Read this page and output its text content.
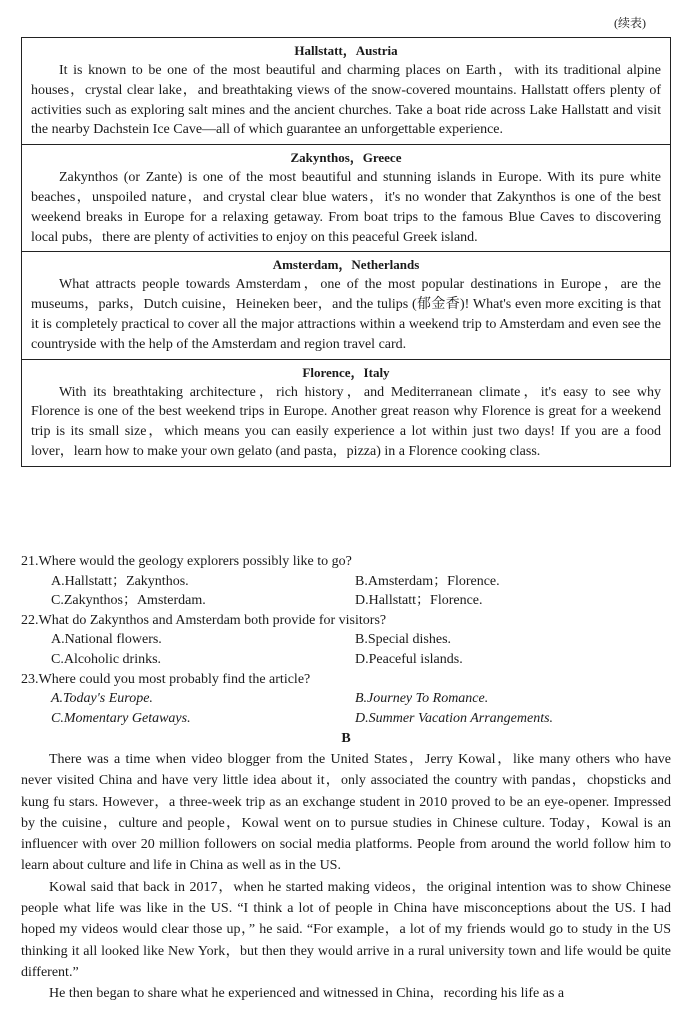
(续表)
Hallstatt，Austria

It is known to be one of the most beautiful and charming places on Earth，with its traditional alpine houses，crystal clear lake，and breathtaking views of the snow-covered mountains. Hallstatt offers plenty of activities such as exploring salt mines and the ancient churches. Take a boat ride across Lake Hallstatt and visit the nearby Dachstein Ice Cave—all of which guarantee an unforgettable experience.

Zakynthos，Greece

Zakynthos (or Zante) is one of the most beautiful and stunning islands in Europe. With its pure white beaches，unspoiled nature，and crystal clear blue waters，it's no wonder that Zakynthos is one of the best weekend breaks in Europe for a relaxing getaway. From boat trips to the famous Blue Caves to discovering local pubs，there are plenty of activities to enjoy on this peaceful Greek island.

Amsterdam，Netherlands

What attracts people towards Amsterdam，one of the most popular destinations in Europe，are the museums，parks，Dutch cuisine，Heineken beer，and the tulips (郁金香)! What's even more exciting is that it is completely practical to cover all the major attractions within a weekend trip to Amsterdam and even see the countryside with the help of the Amsterdam and region travel card.

Florence，Italy

With its breathtaking architecture，rich history，and Mediterranean climate，it's easy to see why Florence is one of the best weekend trips in Europe. Another great reason why Florence is great for a weekend trip is its small size，which means you can easily experience a lot within just two days! If you are a food lover，learn how to make your own gelato (and pasta，pizza) in a Florence cooking class.

21.Where would the geology explorers possibly like to go?
A.Hallstatt；Zakynthos.	B.Amsterdam；Florence.
C.Zakynthos；Amsterdam.	D.Hallstatt；Florence.
22.What do Zakynthos and Amsterdam both provide for visitors?
A.National flowers.	B.Special dishes.
C.Alcoholic drinks.	D.Peaceful islands.
23.Where could you most probably find the article?
A.Today's Europe.	B.Journey To Romance.
C.Momentary Getaways.	D.Summer Vacation Arrangements.
B

There was a time when video blogger from the United States，Jerry Kowal，like many others who have never visited China and have very little idea about it，only associated the country with pandas，chopsticks and kung fu stars. However，a three-week trip as an exchange student in 2010 proved to be an eye-opener. Impressed by the cuisine，culture and people，Kowal went on to pursue studies in Chinese culture. Today，Kowal is an influencer with over 20 million followers on social media platforms. People from around the world follow him to learn about culture and life in China as well as in the US.

Kowal said that back in 2017，when he started making videos，the original intention was to show Chinese people what life was like in the US. “I think a lot of people in China have misconceptions about the US. I had hoped my videos would clear those up，” he said. “For example，a lot of my friends would go to study in the US thinking it all looked like New York，but then they would arrive in a rural university town and life would be quite different.”

He then began to share what he experienced and witnessed in China，recording his life as a
